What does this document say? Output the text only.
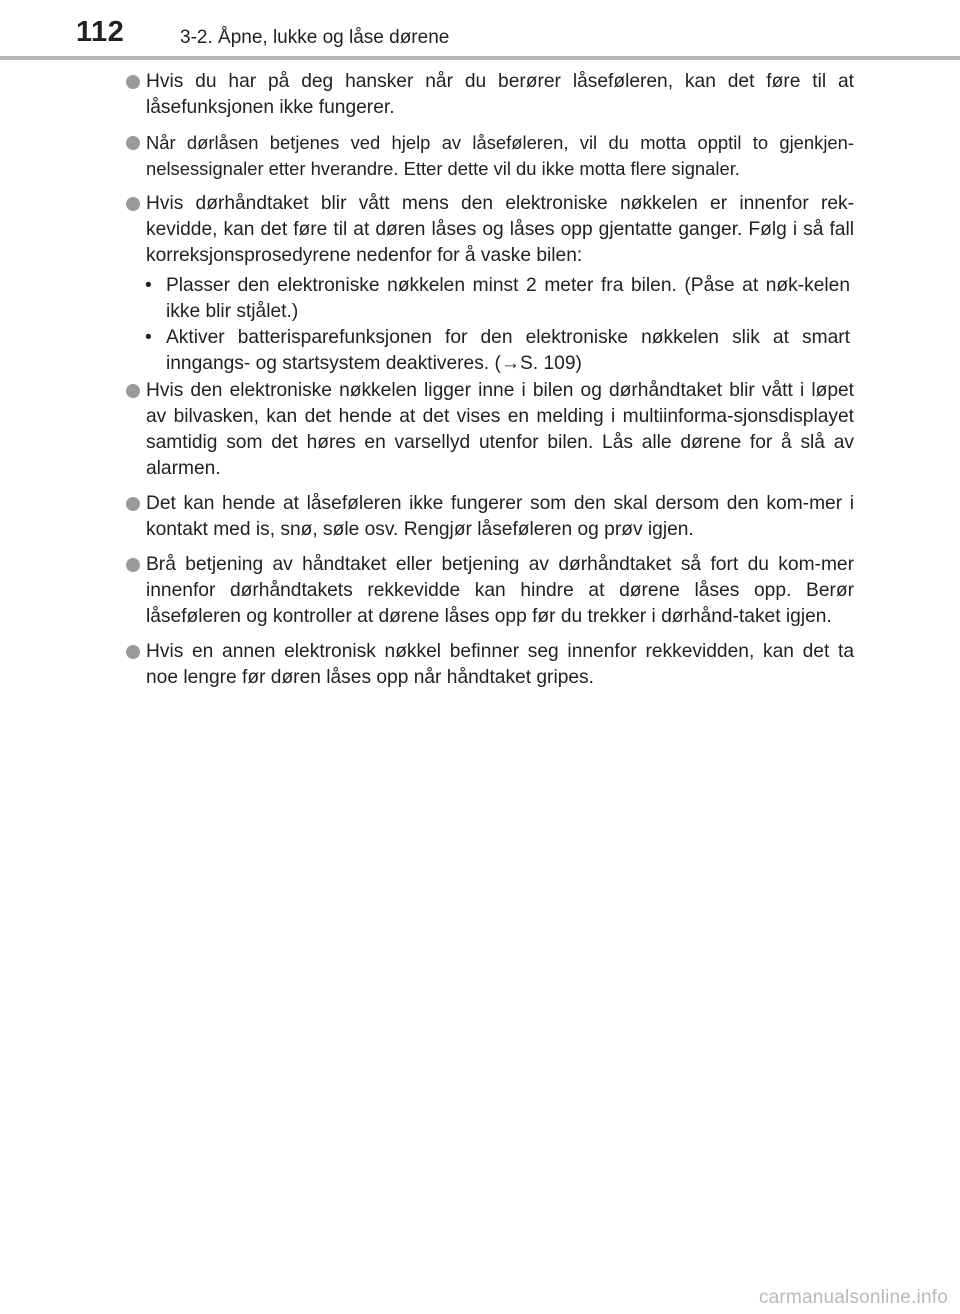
112	3-2. Åpne, lukke og låse dørene
Hvis du har på deg hansker når du berører låseføleren, kan det føre til at låsefunksjonen ikke fungerer.
Når dørlåsen betjenes ved hjelp av låseføleren, vil du motta opptil to gjenkjen-nelsessignaler etter hverandre. Etter dette vil du ikke motta flere signaler.
Hvis dørhåndtaket blir vått mens den elektroniske nøkkelen er innenfor rek-kevidde, kan det føre til at døren låses og låses opp gjentatte ganger. Følg i så fall korreksjonsprosedyrene nedenfor for å vaske bilen:
• Plasser den elektroniske nøkkelen minst 2 meter fra bilen. (Påse at nøk-kelen ikke blir stjålet.)
• Aktiver batterisparefunksjonen for den elektroniske nøkkelen slik at smart inngangs- og startsystem deaktiveres. (→S. 109)
Hvis den elektroniske nøkkelen ligger inne i bilen og dørhåndtaket blir vått i løpet av bilvasken, kan det hende at det vises en melding i multiinforma-sjonsdisplayet samtidig som det høres en varsellyd utenfor bilen. Lås alle dørene for å slå av alarmen.
Det kan hende at låseføleren ikke fungerer som den skal dersom den kom-mer i kontakt med is, snø, søle osv. Rengjør låseføleren og prøv igjen.
Brå betjening av håndtaket eller betjening av dørhåndtaket så fort du kom-mer innenfor dørhåndtakets rekkevidde kan hindre at dørene låses opp. Berør låseføleren og kontroller at dørene låses opp før du trekker i dørhånd-taket igjen.
Hvis en annen elektronisk nøkkel befinner seg innenfor rekkevidden, kan det ta noe lengre før døren låses opp når håndtaket gripes.
carmanualsonline.info
